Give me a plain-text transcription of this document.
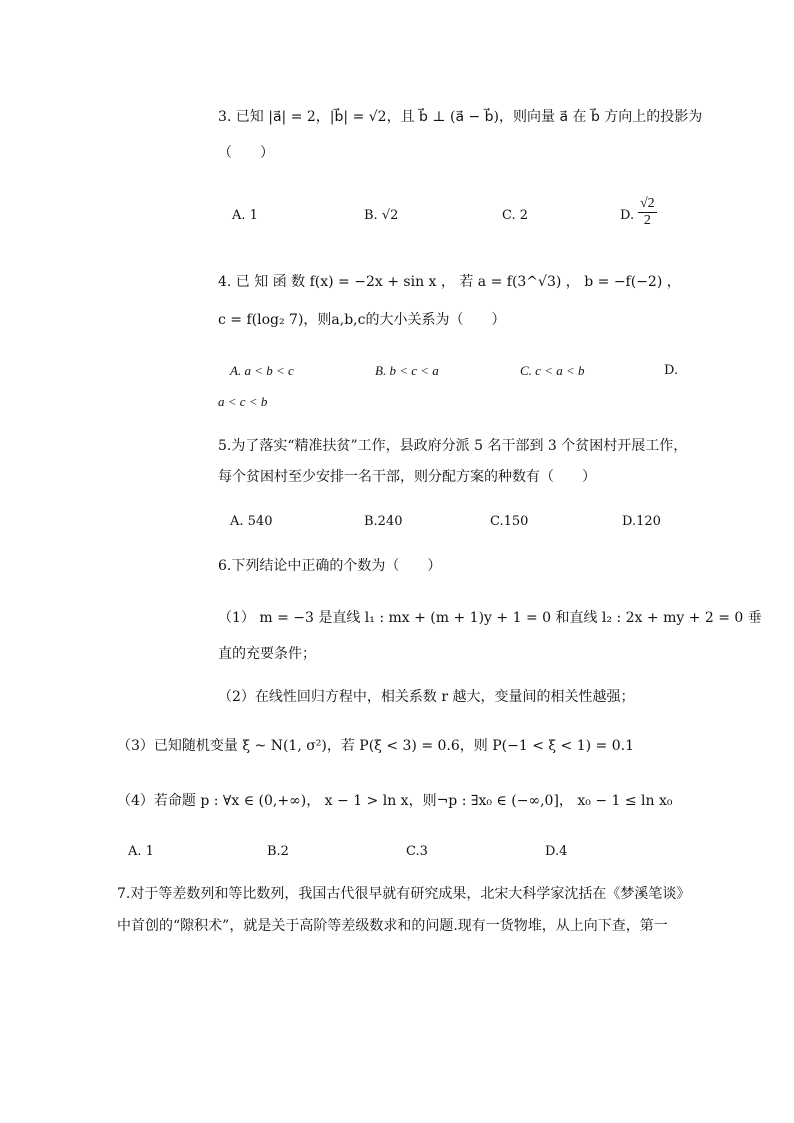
3. 已知 |a⃗| = 2，|b⃗| = √2，且 b⃗ ⊥ (a⃗ − b⃗)，则向量 a⃗ 在 b⃗ 方向上的投影为
（　　）
A. 1	B. √2	C. 2	D. $\frac{√2}{2}$
4. 已 知 函 数 f(x) = −2x + sin x ， 若 a = f(3^√3) ， b = −f(−2) ，
c = f(log₂ 7)，则a,b,c的大小关系为（　　）
A. a < b < c	B. b < c < a	C. c < a < b	D.
a < c < b
5.为了落实“精准扶贫”工作，县政府分派 5 名干部到 3 个贫困村开展工作，
每个贫困村至少安排一名干部，则分配方案的种数有（　　）
A. 540	B.240	C.150	D.120
6.下列结论中正确的个数为（　　）
（1） m = −3 是直线 l₁ : mx + (m + 1)y + 1 = 0 和直线 l₂ : 2x + my + 2 = 0 垂
直的充要条件；
（2）在线性回归方程中，相关系数 r 越大，变量间的相关性越强；
（3）已知随机变量 ξ ~ N(1, σ²)，若 P(ξ < 3) = 0.6，则 P(−1 < ξ < 1) = 0.1
（4）若命题 p : ∀x ∈ (0,+∞)， x − 1 > ln x，则¬p : ∃x₀ ∈ (−∞,0]， x₀ − 1 ≤ ln x₀
A. 1	B.2	C.3	D.4
7.对于等差数列和等比数列，我国古代很早就有研究成果，北宋大科学家沈括在《梦溪笔谈》
中首创的“隙积术”，就是关于高阶等差级数求和的问题.现有一货物堆，从上向下查，第一
